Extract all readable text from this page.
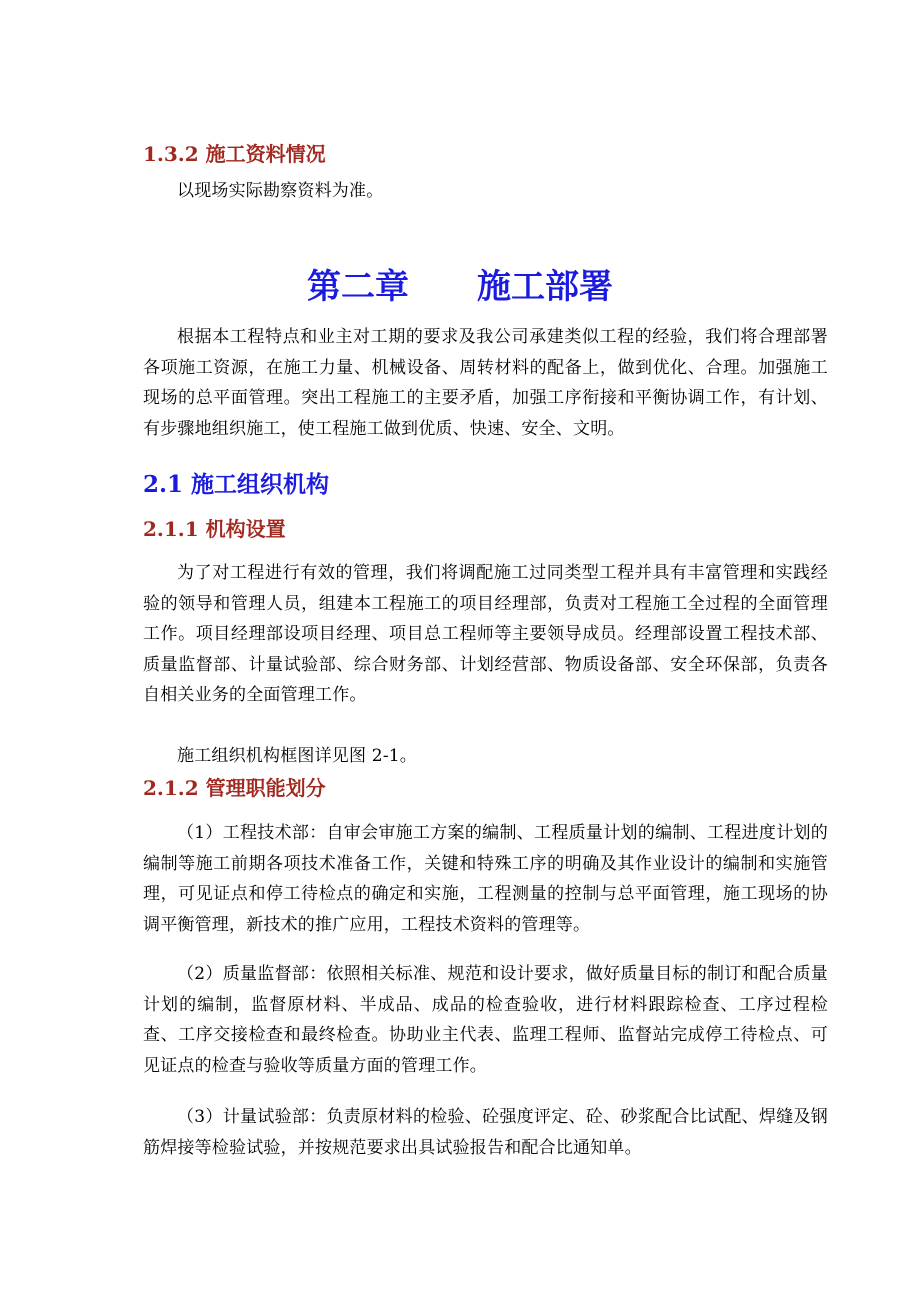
1.3.2 施工资料情况
以现场实际勘察资料为准。
第二章　　施工部署
根据本工程特点和业主对工期的要求及我公司承建类似工程的经验，我们将合理部署各项施工资源，在施工力量、机械设备、周转材料的配备上，做到优化、合理。加强施工现场的总平面管理。突出工程施工的主要矛盾，加强工序衔接和平衡协调工作，有计划、有步骤地组织施工，使工程施工做到优质、快速、安全、文明。
2.1 施工组织机构
2.1.1 机构设置
为了对工程进行有效的管理，我们将调配施工过同类型工程并具有丰富管理和实践经验的领导和管理人员，组建本工程施工的项目经理部，负责对工程施工全过程的全面管理工作。项目经理部设项目经理、项目总工程师等主要领导成员。经理部设置工程技术部、质量监督部、计量试验部、综合财务部、计划经营部、物质设备部、安全环保部，负责各自相关业务的全面管理工作。
施工组织机构框图详见图 2-1。
2.1.2 管理职能划分
（1）工程技术部：自审会审施工方案的编制、工程质量计划的编制、工程进度计划的编制等施工前期各项技术准备工作，关键和特殊工序的明确及其作业设计的编制和实施管理，可见证点和停工待检点的确定和实施，工程测量的控制与总平面管理，施工现场的协调平衡管理，新技术的推广应用，工程技术资料的管理等。
（2）质量监督部：依照相关标准、规范和设计要求，做好质量目标的制订和配合质量计划的编制，监督原材料、半成品、成品的检查验收，进行材料跟踪检查、工序过程检查、工序交接检查和最终检查。协助业主代表、监理工程师、监督站完成停工待检点、可见证点的检查与验收等质量方面的管理工作。
（3）计量试验部：负责原材料的检验、砼强度评定、砼、砂浆配合比试配、焊缝及钢筋焊接等检验试验，并按规范要求出具试验报告和配合比通知单。
